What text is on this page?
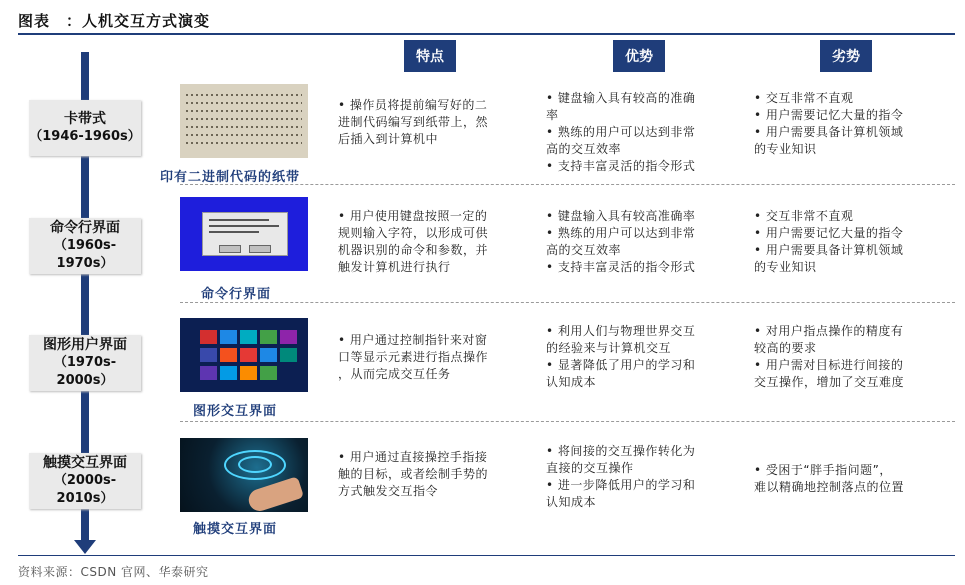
图表　：人机交互方式演变
特点	优势	劣势
卡带式
（1946-1960s）
印有二进制代码的纸带

• 操作员将提前编写好的二

进制代码编写到纸带上，然

后插入到计算机中

• 键盘输入具有较高的准确

率

• 熟练的用户可以达到非常

高的交互效率

• 支持丰富灵活的指令形式

• 交互非常不直观

• 用户需要记忆大量的指令

• 用户需要具备计算机领域

的专业知识

命令行界面
（1960s-1970s）
命令行界面

• 用户使用键盘按照一定的

规则输入字符，以形成可供

机器识别的命令和参数，并

触发计算机进行执行

• 键盘输入具有较高准确率

• 熟练的用户可以达到非常

高的交互效率

• 支持丰富灵活的指令形式

• 交互非常不直观

• 用户需要记忆大量的指令

• 用户需要具备计算机领域

的专业知识

图形用户界面
（1970s-2000s）
图形交互界面

• 用户通过控制指针来对窗

口等显示元素进行指点操作

，从而完成交互任务

• 利用人们与物理世界交互

的经验来与计算机交互

• 显著降低了用户的学习和

认知成本

• 对用户指点操作的精度有

较高的要求

• 用户需对目标进行间接的

交互操作，增加了交互难度

触摸交互界面
（2000s-2010s）
触摸交互界面

• 用户通过直接操控手指接

触的目标，或者绘制手势的

方式触发交互指令

• 将间接的交互操作转化为

直接的交互操作

• 进一步降低用户的学习和

认知成本

• 受困于“胖手指问题”，

难以精确地控制落点的位置

资料来源：CSDN 官网、华泰研究
